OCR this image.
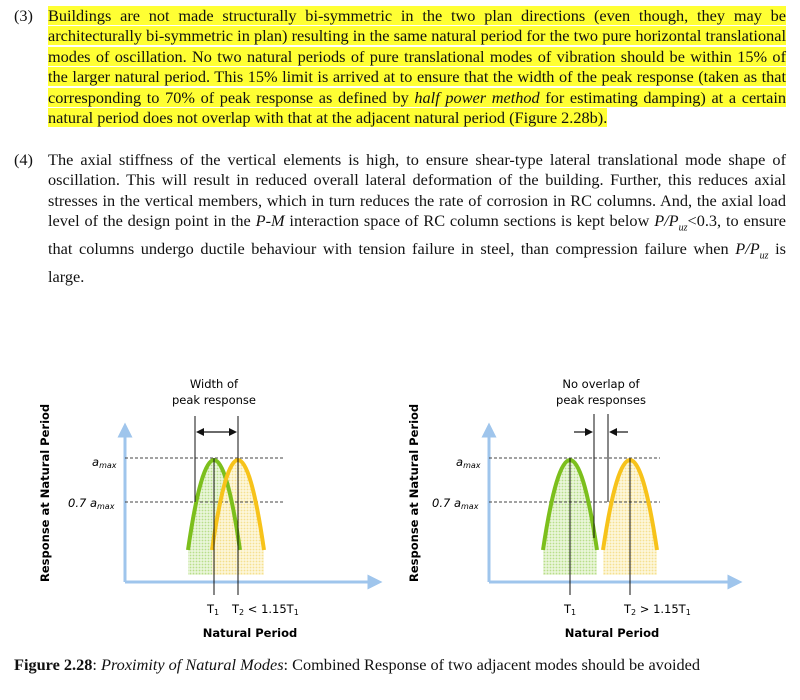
(3) Buildings are not made structurally bi-symmetric in the two plan directions (even though, they may be architecturally bi-symmetric in plan) resulting in the same natural period for the two pure horizontal translational modes of oscillation. No two natural periods of pure translational modes of vibration should be within 15% of the larger natural period. This 15% limit is arrived at to ensure that the width of the peak response (taken as that corresponding to 70% of peak response as defined by half power method for estimating damping) at a certain natural period does not overlap with that at the adjacent natural period (Figure 2.28b).
(4) The axial stiffness of the vertical elements is high, to ensure shear-type lateral translational mode shape of oscillation. This will result in reduced overall lateral deformation of the building. Further, this reduces axial stresses in the vertical members, which in turn reduces the rate of corrosion in RC columns. And, the axial load level of the design point in the P-M interaction space of RC column sections is kept below $P/P_{uz}<0.3$, to ensure that columns undergo ductile behaviour with tension failure in steel, than compression failure when $P/P_{uz}$ is large.
Width of
peak response
amax
0.7 amax
Response at Natural Period
T1 T2 < 1.15T1
Natural Period
No overlap of
peak responses
amax
0.7 amax
Response at Natural Period
T1	T2 > 1.15T1
Natural Period
Figure 2.28: Proximity of Natural Modes: Combined Response of two adjacent modes should be avoided
